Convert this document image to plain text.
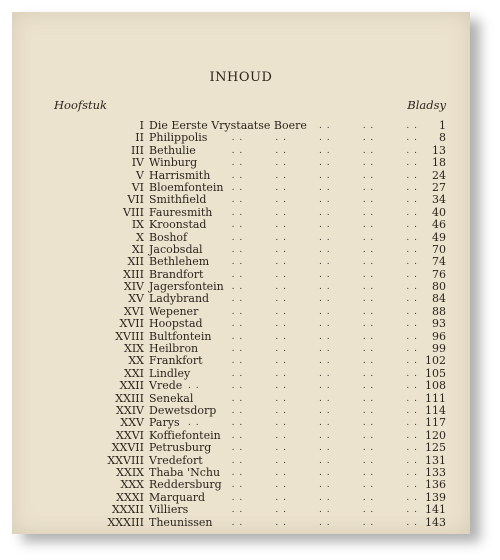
INHOUD
Hoofstuk	Bladsy
I Die Eerste Vrystaatse Boere . .	. .	. .	1
II Philippolis	. .	. .	. .	. .	. .	8
III Bethulie	. .	. .	. .	. .	. .	13
IV Winburg	. .	. .	. .	. .	. .	18
V Harrismith . .	. .	. .	. .	. .	24
VI Bloemfontein . .	. .	. .	. .	. .	27
VII Smithfield	. .	. .	. .	. .	. .	34
VIII Fauresmith . .	. .	. .	. .	. .	40
IX Kroonstad	. .	. .	. .	. .	. .	46
X Boshof	. .	. .	. .	. .	. .	49
XI Jacobsdal	. .	. .	. .	. .	. .	70
XII Bethlehem	. .	. .	. .	. .	. .	74
XIII Brandfort	. .	. .	. .	. .	. .	76
XIV Jagersfontein . .	. .	. .	. .	. .	80
XV Ladybrand	. .	. .	. .	. .	. .	84
XVI Wepener	. .	. .	. .	. .	. .	88
XVII Hoopstad	. .	. .	. .	. .	. .	93
XVIII Bultfontein . .	. .	. .	. .	. .	96
XIX Heilbron	. .	. .	. .	. .	. .	99
XX Frankfort	. .	. .	. .	. .	. . 102
XXI Lindley	. .	. .	. .	. .	. . 105
XXII Vrede . .	. .	. .	. .	. .	. . 108
XXIII Senekal	. .	. .	. .	. .	. . 111
XXIV Dewetsdorp . .	. .	. .	. .	. . 114
XXV Parys . .	. .	. .	. .	. .	. . 117
XXVI Koffiefontein . .	. .	. .	. .	. . 120
XXVII Petrusburg . .	. .	. .	. .	. . 125
XXVIII Vredefort	. .	. .	. .	. .	. . 131
XXIX Thaba 'Nchu . .	. .	. .	. .	. . 133
XXX Reddersburg . .	. .	. .	. .	. . 136
XXXI Marquard	. .	. .	. .	. .	. . 139
XXXII Villiers	. .	. .	. .	. .	. . 141
XXXIII Theunissen . .	. .	. .	. .	. . 143
